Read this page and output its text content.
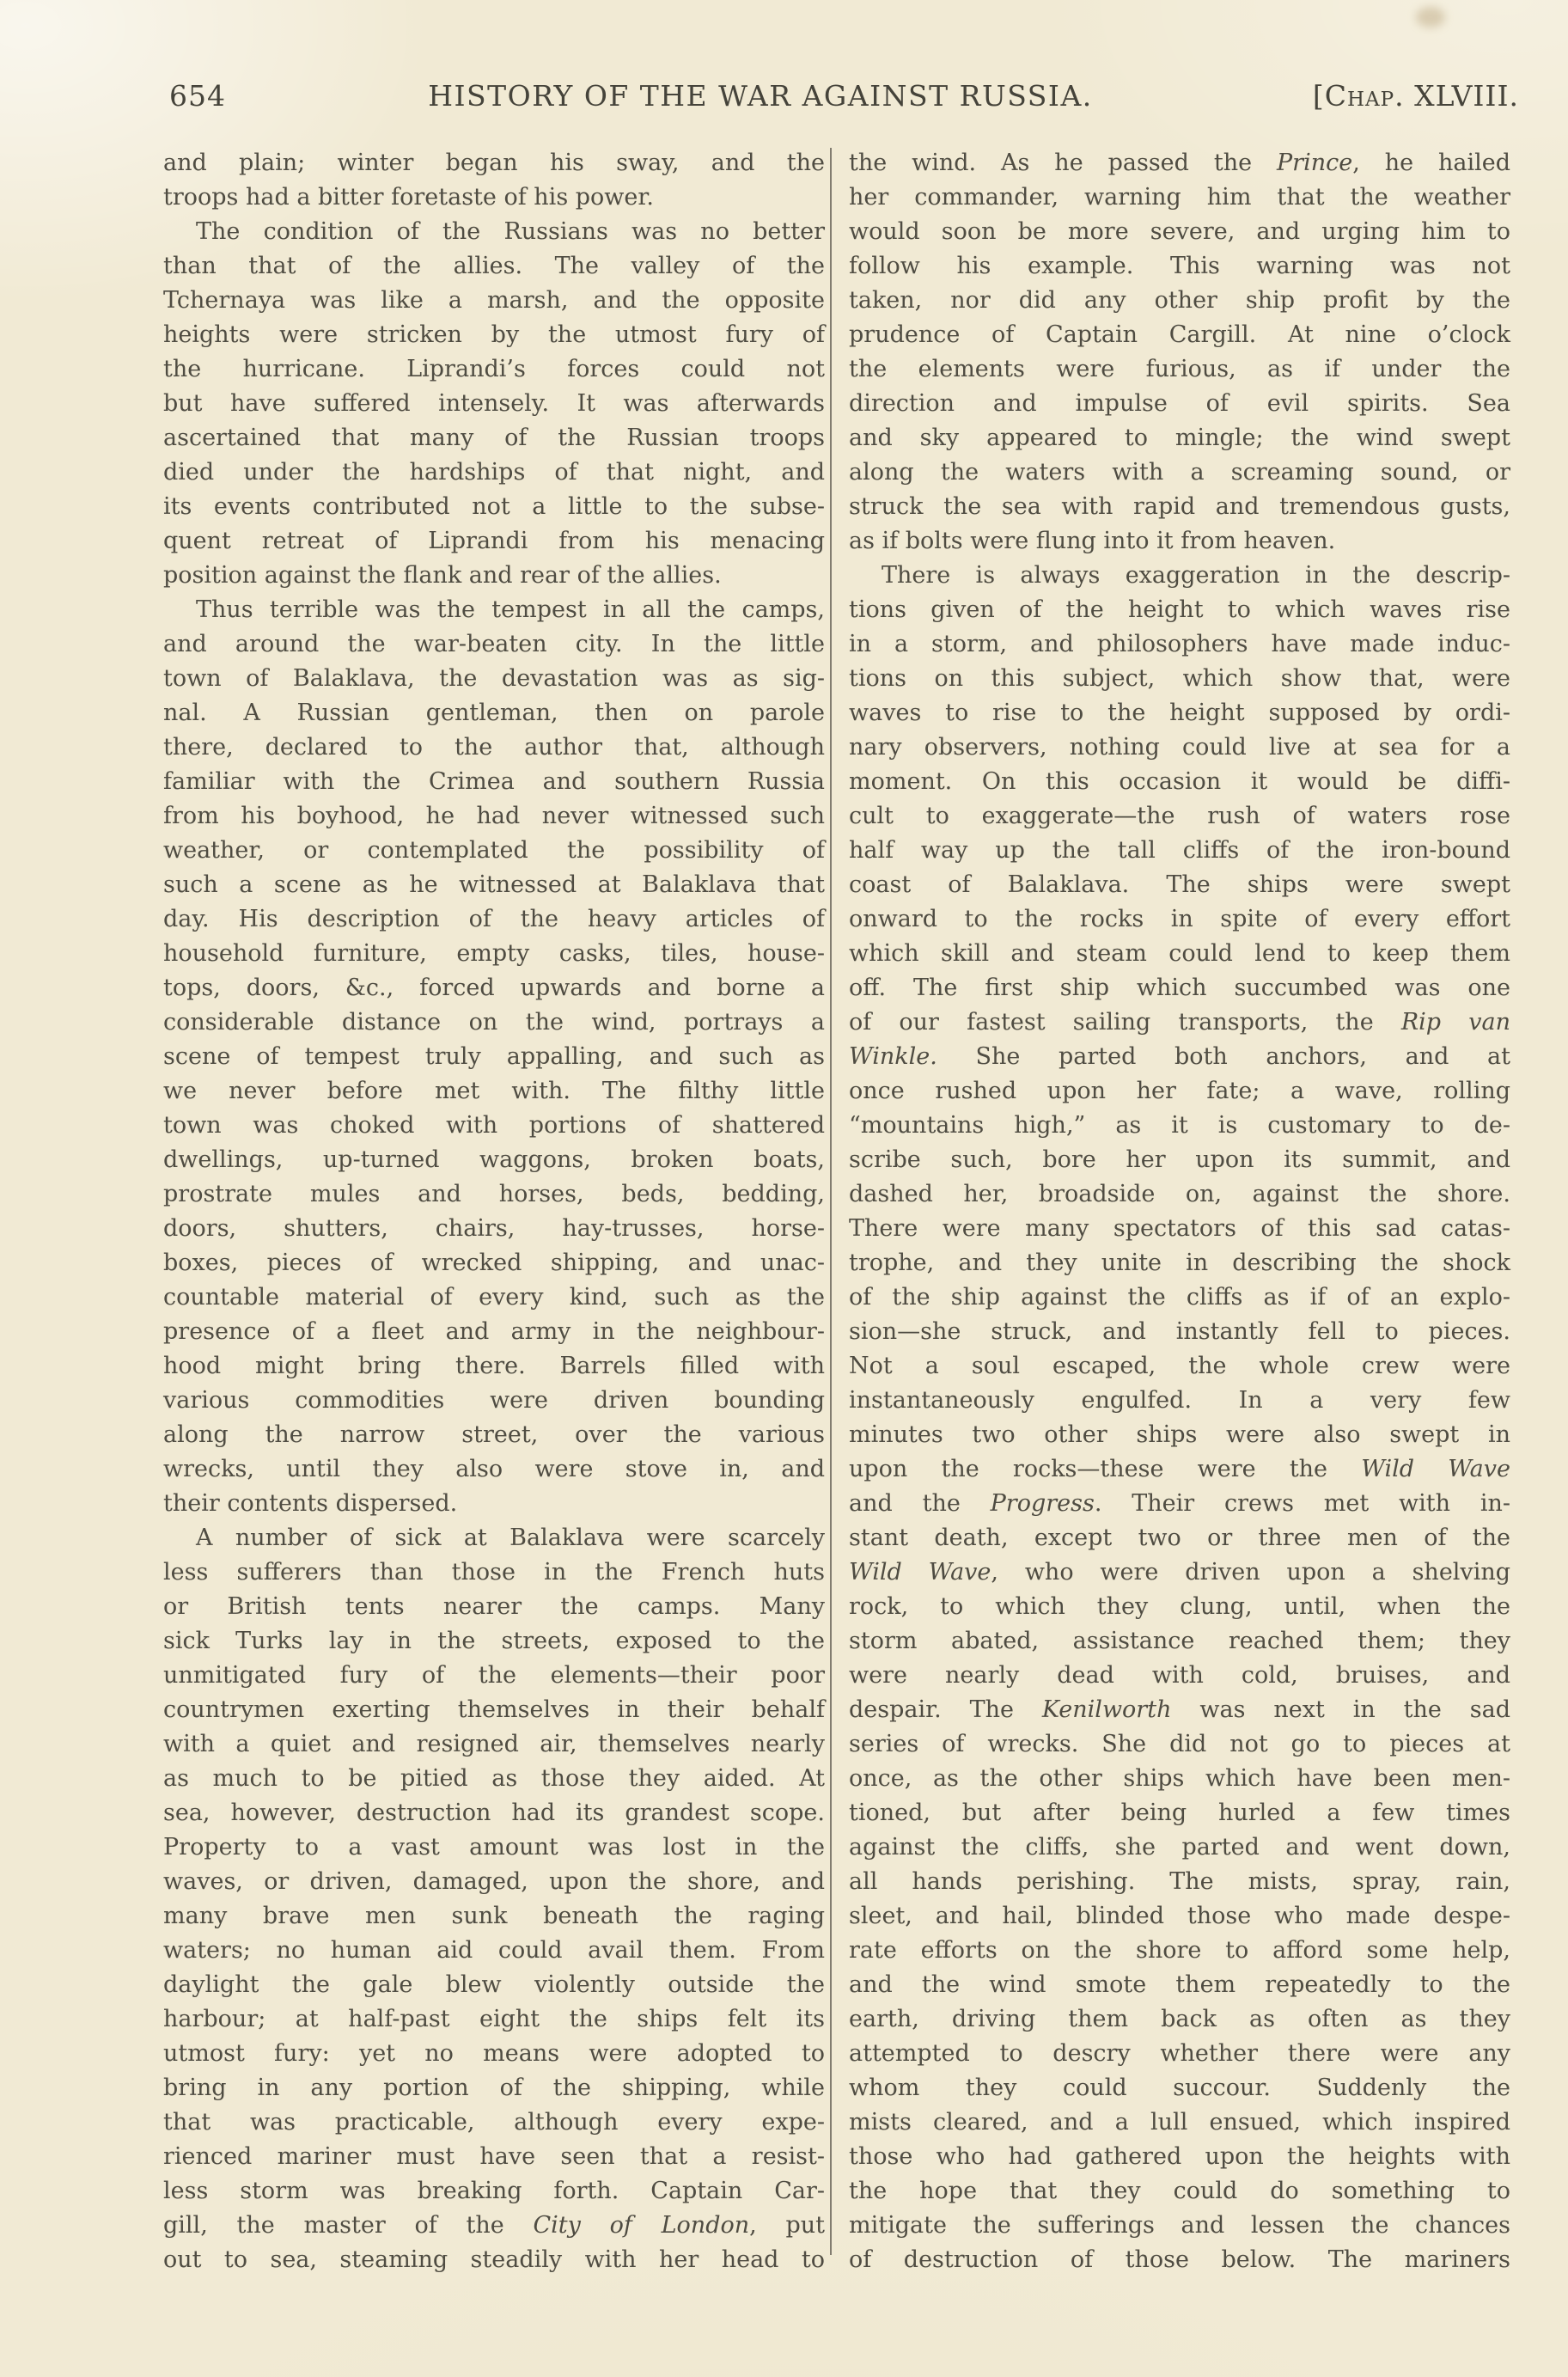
654	HISTORY OF THE WAR AGAINST RUSSIA.	[Chap. XLVIII.
and plain; winter began his sway, and the
troops had a bitter foretaste of his power.
The condition of the Russians was no better
than that of the allies. The valley of the
Tchernaya was like a marsh, and the opposite
heights were stricken by the utmost fury of
the hurricane. Liprandi’s forces could not
but have suffered intensely. It was afterwards
ascertained that many of the Russian troops
died under the hardships of that night, and
its events contributed not a little to the subse-
quent retreat of Liprandi from his menacing
position against the flank and rear of the allies.
Thus terrible was the tempest in all the camps,
and around the war-beaten city. In the little
town of Balaklava, the devastation was as sig-
nal. A Russian gentleman, then on parole
there, declared to the author that, although
familiar with the Crimea and southern Russia
from his boyhood, he had never witnessed such
weather, or contemplated the possibility of
such a scene as he witnessed at Balaklava that
day. His description of the heavy articles of
household furniture, empty casks, tiles, house-
tops, doors, &c., forced upwards and borne a
considerable distance on the wind, portrays a
scene of tempest truly appalling, and such as
we never before met with. The filthy little
town was choked with portions of shattered
dwellings, up-turned waggons, broken boats,
prostrate mules and horses, beds, bedding,
doors, shutters, chairs, hay-trusses, horse-
boxes, pieces of wrecked shipping, and unac-
countable material of every kind, such as the
presence of a fleet and army in the neighbour-
hood might bring there. Barrels filled with
various commodities were driven bounding
along the narrow street, over the various
wrecks, until they also were stove in, and
their contents dispersed.
A number of sick at Balaklava were scarcely
less sufferers than those in the French huts
or British tents nearer the camps. Many
sick Turks lay in the streets, exposed to the
unmitigated fury of the elements—their poor
countrymen exerting themselves in their behalf
with a quiet and resigned air, themselves nearly
as much to be pitied as those they aided. At
sea, however, destruction had its grandest scope.
Property to a vast amount was lost in the
waves, or driven, damaged, upon the shore, and
many brave men sunk beneath the raging
waters; no human aid could avail them. From
daylight the gale blew violently outside the
harbour; at half-past eight the ships felt its
utmost fury: yet no means were adopted to
bring in any portion of the shipping, while
that was practicable, although every expe-
rienced mariner must have seen that a resist-
less storm was breaking forth. Captain Car-
gill, the master of the City of London, put
out to sea, steaming steadily with her head to
the wind. As he passed the Prince, he hailed
her commander, warning him that the weather
would soon be more severe, and urging him to
follow his example. This warning was not
taken, nor did any other ship profit by the
prudence of Captain Cargill. At nine o’clock
the elements were furious, as if under the
direction and impulse of evil spirits. Sea
and sky appeared to mingle; the wind swept
along the waters with a screaming sound, or
struck the sea with rapid and tremendous gusts,
as if bolts were flung into it from heaven.
There is always exaggeration in the descrip-
tions given of the height to which waves rise
in a storm, and philosophers have made induc-
tions on this subject, which show that, were
waves to rise to the height supposed by ordi-
nary observers, nothing could live at sea for a
moment. On this occasion it would be diffi-
cult to exaggerate—the rush of waters rose
half way up the tall cliffs of the iron-bound
coast of Balaklava. The ships were swept
onward to the rocks in spite of every effort
which skill and steam could lend to keep them
off. The first ship which succumbed was one
of our fastest sailing transports, the Rip van
Winkle. She parted both anchors, and at
once rushed upon her fate; a wave, rolling
“mountains high,” as it is customary to de-
scribe such, bore her upon its summit, and
dashed her, broadside on, against the shore.
There were many spectators of this sad catas-
trophe, and they unite in describing the shock
of the ship against the cliffs as if of an explo-
sion—she struck, and instantly fell to pieces.
Not a soul escaped, the whole crew were
instantaneously engulfed. In a very few
minutes two other ships were also swept in
upon the rocks—these were the Wild Wave
and the Progress. Their crews met with in-
stant death, except two or three men of the
Wild Wave, who were driven upon a shelving
rock, to which they clung, until, when the
storm abated, assistance reached them; they
were nearly dead with cold, bruises, and
despair. The Kenilworth was next in the sad
series of wrecks. She did not go to pieces at
once, as the other ships which have been men-
tioned, but after being hurled a few times
against the cliffs, she parted and went down,
all hands perishing. The mists, spray, rain,
sleet, and hail, blinded those who made despe-
rate efforts on the shore to afford some help,
and the wind smote them repeatedly to the
earth, driving them back as often as they
attempted to descry whether there were any
whom they could succour. Suddenly the
mists cleared, and a lull ensued, which inspired
those who had gathered upon the heights with
the hope that they could do something to
mitigate the sufferings and lessen the chances
of destruction of those below. The mariners
